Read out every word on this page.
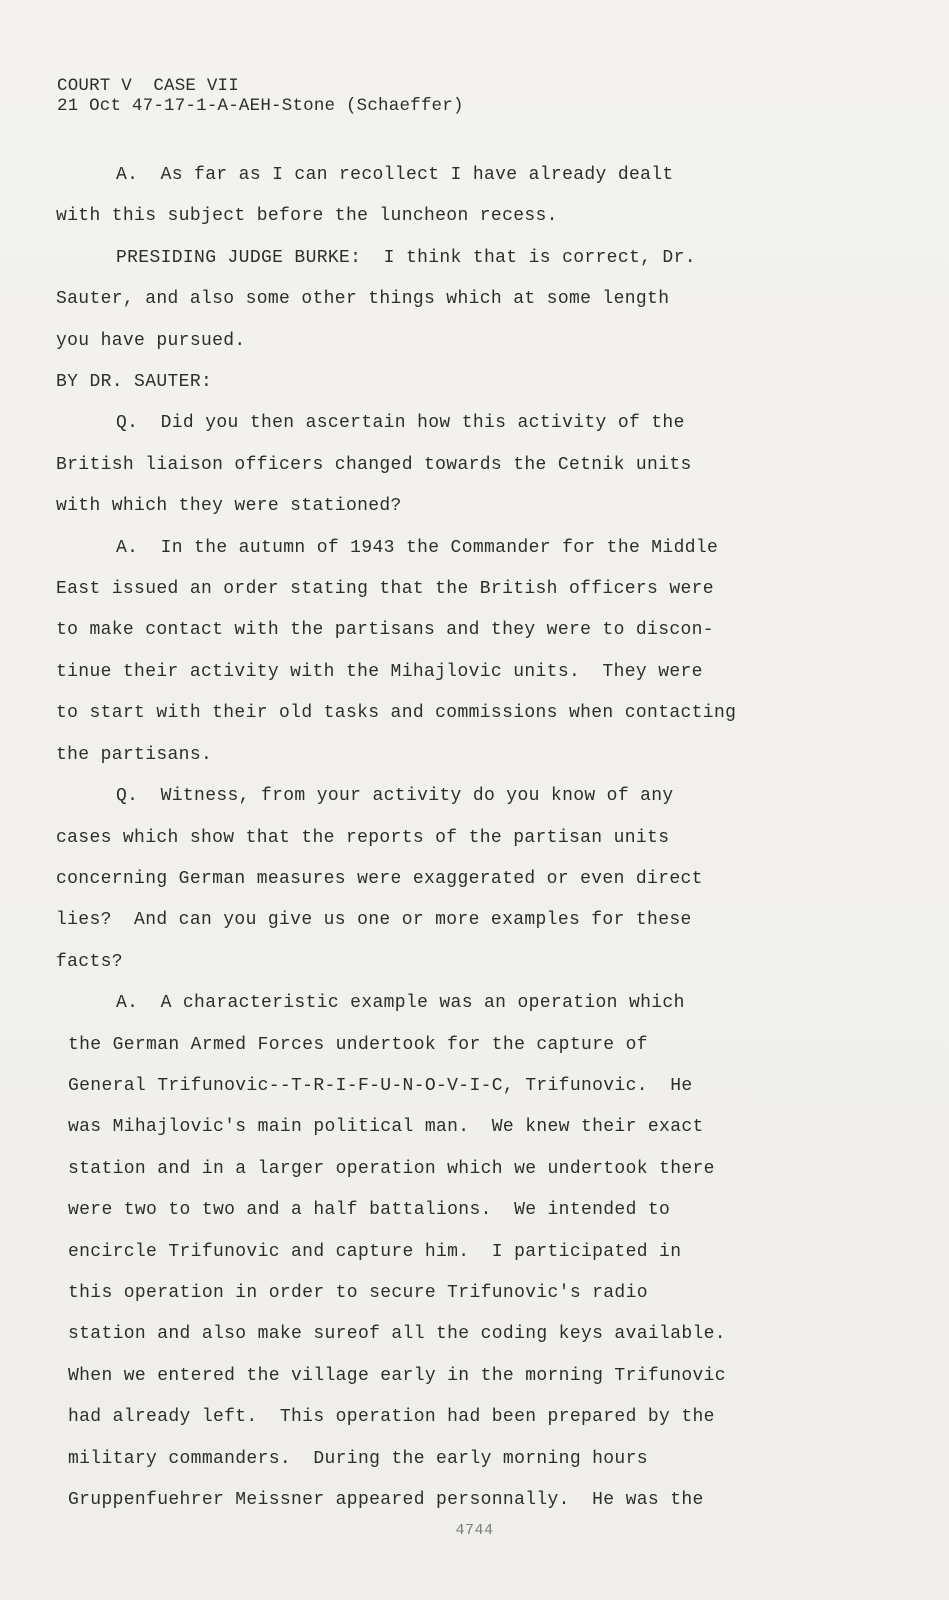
COURT V  CASE VII
21 Oct 47-17-1-A-AEH-Stone (Schaeffer)
A.  As far as I can recollect I have already dealt
with this subject before the luncheon recess.
PRESIDING JUDGE BURKE:  I think that is correct, Dr.
Sauter, and also some other things which at some length
you have pursued.
BY DR. SAUTER:
Q.  Did you then ascertain how this activity of the
British liaison officers changed towards the Cetnik units
with which they were stationed?
A.  In the autumn of 1943 the Commander for the Middle
East issued an order stating that the British officers were
to make contact with the partisans and they were to discon-
tinue their activity with the Mihajlovic units.  They were
to start with their old tasks and commissions when contacting
the partisans.
Q.  Witness, from your activity do you know of any
cases which show that the reports of the partisan units
concerning German measures were exaggerated or even direct
lies?  And can you give us one or more examples for these
facts?
A.  A characteristic example was an operation which
the German Armed Forces undertook for the capture of
General Trifunovic--T-R-I-F-U-N-O-V-I-C, Trifunovic.  He
was Mihajlovic's main political man.  We knew their exact
station and in a larger operation which we undertook there
were two to two and a half battalions.  We intended to
encircle Trifunovic and capture him.  I participated in
this operation in order to secure Trifunovic's radio
station and also make sureof all the coding keys available.
When we entered the village early in the morning Trifunovic
had already left.  This operation had been prepared by the
military commanders.  During the early morning hours
Gruppenfuehrer Meissner appeared personnally.  He was the
4744
